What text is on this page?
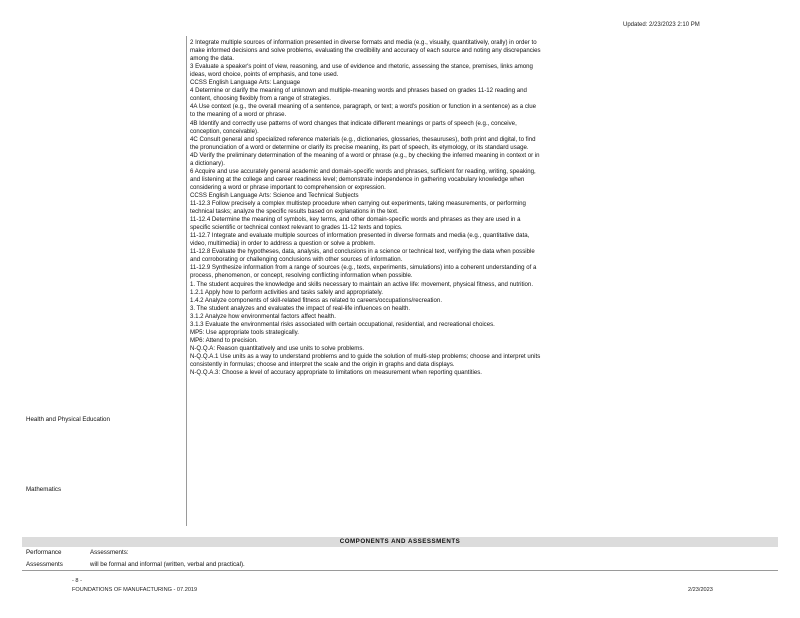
Updated: 2/23/2023 2:10 PM
2 Integrate multiple sources of information presented in diverse formats and media (e.g., visually, quantitatively, orally) in order to
make informed decisions and solve problems, evaluating the credibility and accuracy of each source and noting any discrepancies
among the data.
3 Evaluate a speaker's point of view, reasoning, and use of evidence and rhetoric, assessing the stance, premises, links among
ideas, word choice, points of emphasis, and tone used.
CCSS English Language Arts: Language
4 Determine or clarify the meaning of unknown and multiple-meaning words and phrases based on grades 11-12 reading and
content, choosing flexibly from a range of strategies.
4A Use context (e.g., the overall meaning of a sentence, paragraph, or text; a word's position or function in a sentence) as a clue
to the meaning of a word or phrase.
4B Identify and correctly use patterns of word changes that indicate different meanings or parts of speech (e.g., conceive,
conception, conceivable).
4C Consult general and specialized reference materials (e.g., dictionaries, glossaries, thesauruses), both print and digital, to find
the pronunciation of a word or determine or clarify its precise meaning, its part of speech, its etymology, or its standard usage.
4D Verify the preliminary determination of the meaning of a word or phrase (e.g., by checking the inferred meaning in context or in
a dictionary).
6 Acquire and use accurately general academic and domain-specific words and phrases, sufficient for reading, writing, speaking,
and listening at the college and career readiness level; demonstrate independence in gathering vocabulary knowledge when
considering a word or phrase important to comprehension or expression.
CCSS English Language Arts: Science and Technical Subjects
11-12.3 Follow precisely a complex multistep procedure when carrying out experiments, taking measurements, or performing
technical tasks; analyze the specific results based on explanations in the text.
11-12.4 Determine the meaning of symbols, key terms, and other domain-specific words and phrases as they are used in a
specific scientific or technical context relevant to grades 11-12 texts and topics.
11-12.7 Integrate and evaluate multiple sources of information presented in diverse formats and media (e.g., quantitative data,
video, multimedia) in order to address a question or solve a problem.
11-12.8 Evaluate the hypotheses, data, analysis, and conclusions in a science or technical text, verifying the data when possible
and corroborating or challenging conclusions with other sources of information.
11-12.9 Synthesize information from a range of sources (e.g., texts, experiments, simulations) into a coherent understanding of a
process, phenomenon, or concept, resolving conflicting information when possible.
1. The student acquires the knowledge and skills necessary to maintain an active life: movement, physical fitness, and nutrition.
1.2.1 Apply how to perform activities and tasks safely and appropriately.
1.4.2 Analyze components of skill-related fitness as related to careers/occupations/recreation.
3. The student analyzes and evaluates the impact of real-life influences on health.
3.1.2 Analyze how environmental factors affect health.
3.1.3 Evaluate the environmental risks associated with certain occupational, residential, and recreational choices.
MP5: Use appropriate tools strategically.
MP6: Attend to precision.
N-Q.Q.A: Reason quantitatively and use units to solve problems.
N-Q.Q.A.1 Use units as a way to understand problems and to guide the solution of multi-step problems; choose and interpret units
consistently in formulas; choose and interpret the scale and the origin in graphs and data displays.
N-Q.Q.A.3: Choose a level of accuracy appropriate to limitations on measurement when reporting quantities.
Health and Physical Education
Mathematics
COMPONENTS AND ASSESSMENTS
Performance
Assessments
Assessments:
will be formal and informal (written, verbal and practical).
- 8 -
FOUNDATIONS OF MANUFACTURING - 07.2019	2/23/2023
